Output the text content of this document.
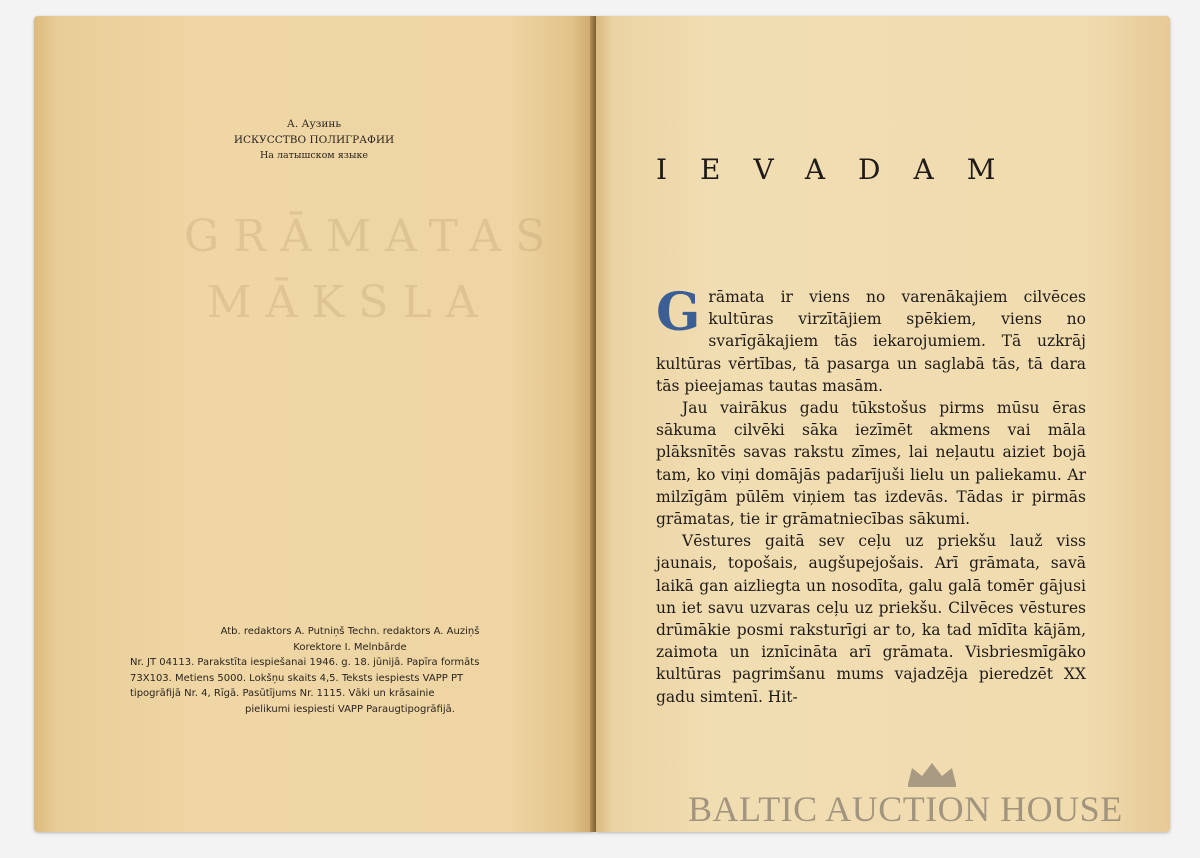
А. Аузинь
ИСКУССТВО ПОЛИГРАФИИ
На латышском языке
GRĀMATAS
MĀKSLA
Atb. redaktors A. Putniņš Techn. redaktors A. Auziņš
Korektore I. Melnbārde
Nr. JT 04113. Parakstīta iespiešanai 1946. g. 18. jūnijā. Papīra formāts
73X103. Metiens 5000. Lokšņu skaits 4,5. Teksts iespiests VAPP PT
tipogrāfijā Nr. 4, Rīgā. Pasūtījums Nr. 1115. Vāki un krāsainie
pielikumi iespiesti VAPP Paraugtipogrāfijā.
IEVADAM

Grāmata ir viens no varenākajiem cilvēces kultūras virzītājiem spēkiem, viens no svarīgākajiem tās iekarojumiem. Tā uzkrāj kultūras vērtības, tā pasarga un saglabā tās, tā dara tās pieejamas tautas masām.

Jau vairākus gadu tūkstošus pirms mūsu ēras sākuma cilvēki sāka iezīmēt akmens vai māla plāksnītēs savas rakstu zīmes, lai neļautu aiziet bojā tam, ko viņi domājās padarījuši lielu un paliekamu. Ar milzīgām pūlēm viņiem tas izdevās. Tādas ir pirmās grāmatas, tie ir grāmatniecības sākumi.

Vēstures gaitā sev ceļu uz priekšu lauž viss jaunais, topošais, augšupejošais. Arī grāmata, savā laikā gan aizliegta un nosodīta, galu galā tomēr gājusi un iet savu uzvaras ceļu uz priekšu. Cilvēces vēstures drūmākie posmi raksturīgi ar to, ka tad mīdīta kājām, zaimota un iznīcināta arī grāmata. Visbriesmīgāko kultūras pagrimšanu mums vajadzēja pieredzēt XX gadu simtenī. Hit-

BALTIC AUCTION HOUSE
